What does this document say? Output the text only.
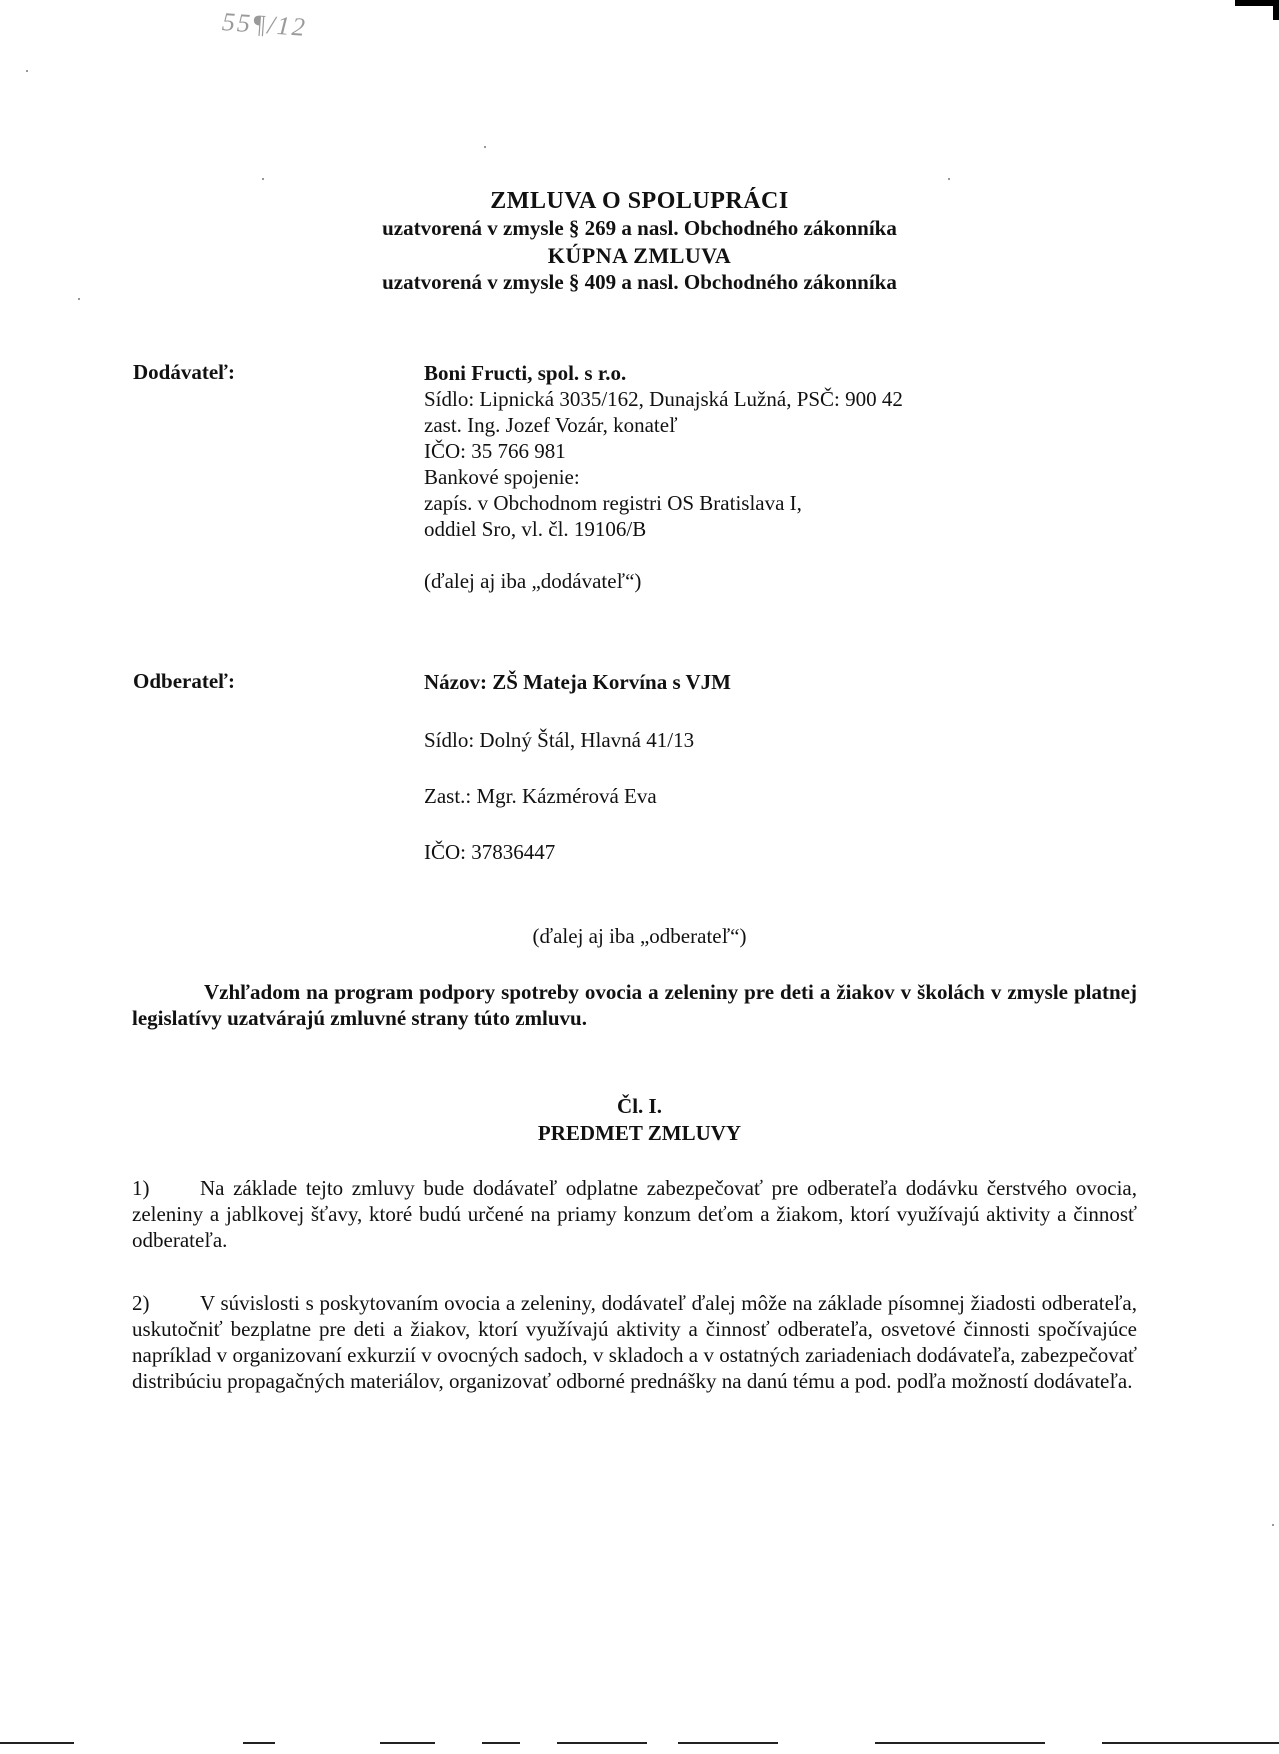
55¶/12
ZMLUVA O SPOLUPRÁCI
uzatvorená v zmysle § 269 a nasl. Obchodného zákonníka
KÚPNA ZMLUVA
uzatvorená v zmysle § 409 a nasl. Obchodného zákonníka
Dodávateľ:	Boni Fructi, spol. s r.o.
Sídlo: Lipnická 3035/162, Dunajská Lužná, PSČ: 900 42
zast. Ing. Jozef Vozár, konateľ
IČO: 35 766 981
Bankové spojenie:
zapís. v Obchodnom registri OS Bratislava I,
oddiel Sro, vl. čl. 19106/B
(ďalej aj iba „dodávateľ“)
Odberateľ:	Názov: ZŠ Mateja Korvína s VJM
Sídlo: Dolný Štál, Hlavná 41/13
Zast.: Mgr. Kázmérová Eva
IČO: 37836447
(ďalej aj iba „odberateľ“)
Vzhľadom na program podpory spotreby ovocia a zeleniny pre deti a žiakov v školách v zmysle platnej legislatívy uzatvárajú zmluvné strany túto zmluvu.
Čl. I.
PREDMET ZMLUVY
1) Na základe tejto zmluvy bude dodávateľ odplatne zabezpečovať pre odberateľa dodávku čerstvého ovocia, zeleniny a jablkovej šťavy, ktoré budú určené na priamy konzum deťom a žiakom, ktorí využívajú aktivity a činnosť odberateľa.
2) V súvislosti s poskytovaním ovocia a zeleniny, dodávateľ ďalej môže na základe písomnej žiadosti odberateľa, uskutočniť bezplatne pre deti a žiakov, ktorí využívajú aktivity a činnosť odberateľa, osvetové činnosti spočívajúce napríklad v organizovaní exkurzií v ovocných sadoch, v skladoch a v ostatných zariadeniach dodávateľa, zabezpečovať distribúciu propagačných materiálov, organizovať odborné prednášky na danú tému a pod. podľa možností dodávateľa.
